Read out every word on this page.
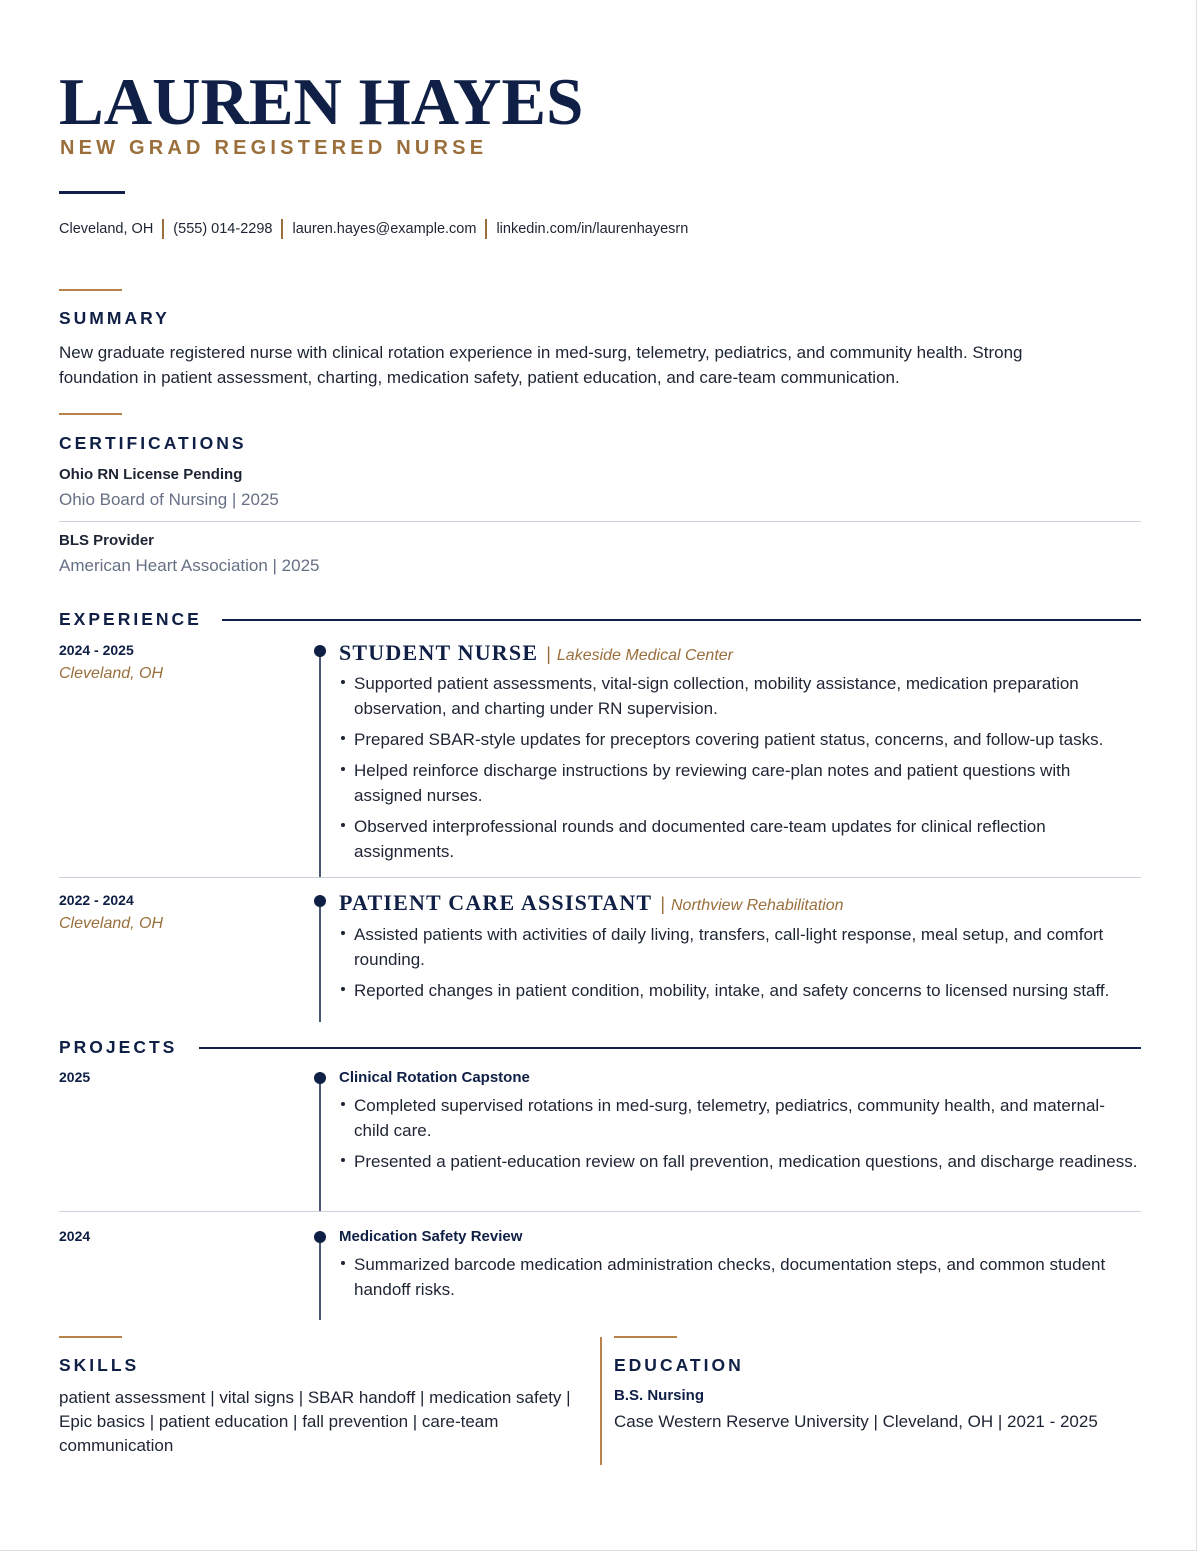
LAUREN HAYES
NEW GRAD REGISTERED NURSE
Cleveland, OH (555) 014-2298 lauren.hayes@example.com linkedin.com/in/laurenhayesrn
SUMMARY
New graduate registered nurse with clinical rotation experience in med-surg, telemetry, pediatrics, and community health. Strong foundation in patient assessment, charting, medication safety, patient education, and care-team communication.
CERTIFICATIONS
Ohio RN License Pending
Ohio Board of Nursing | 2025
BLS Provider
American Heart Association | 2025
EXPERIENCE
2024 - 2025
Cleveland, OH
STUDENT NURSE | Lakeside Medical Center
Supported patient assessments, vital-sign collection, mobility assistance, medication preparation observation, and charting under RN supervision.
Prepared SBAR-style updates for preceptors covering patient status, concerns, and follow-up tasks.
Helped reinforce discharge instructions by reviewing care-plan notes and patient questions with assigned nurses.
Observed interprofessional rounds and documented care-team updates for clinical reflection assignments.
2022 - 2024
Cleveland, OH
PATIENT CARE ASSISTANT | Northview Rehabilitation
Assisted patients with activities of daily living, transfers, call-light response, meal setup, and comfort rounding.
Reported changes in patient condition, mobility, intake, and safety concerns to licensed nursing staff.
PROJECTS
2025	Clinical Rotation Capstone
Completed supervised rotations in med-surg, telemetry, pediatrics, community health, and maternal-child care.
Presented a patient-education review on fall prevention, medication questions, and discharge readiness.
2024	Medication Safety Review
Summarized barcode medication administration checks, documentation steps, and common student handoff risks.
SKILLS
patient assessment | vital signs | SBAR handoff | medication safety | Epic basics | patient education | fall prevention | care-team communication
EDUCATION
B.S. Nursing
Case Western Reserve University | Cleveland, OH | 2021 - 2025
